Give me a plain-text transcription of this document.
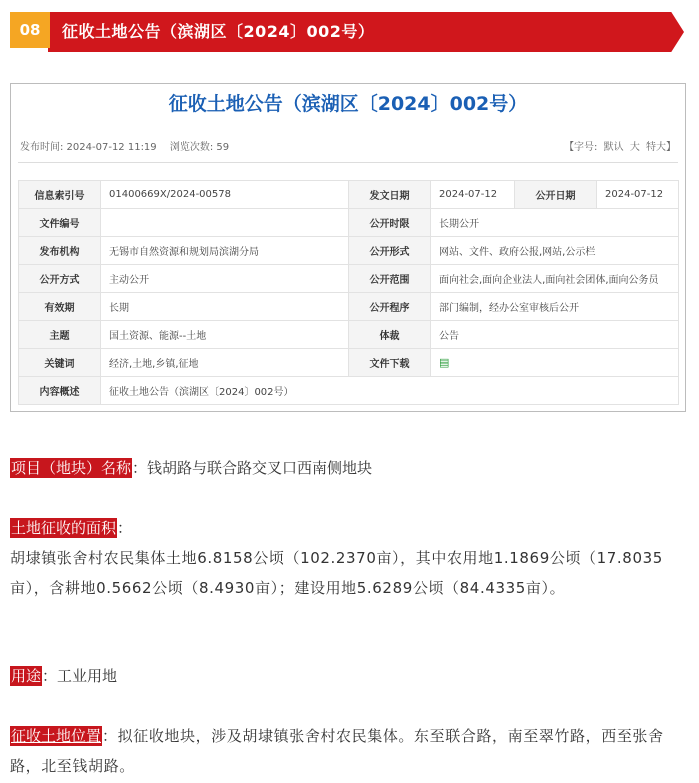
08	征收土地公告（滨湖区〔2024〕002号）
征收土地公告（滨湖区〔2024〕002号）
发布时间: 2024-07-12 11:19 浏览次数: 59	【字号: 默认 大 特大】
信息索引号	01400669X/2024-00578	发文日期	2024-07-12	公开日期	2024-07-12
文件编号		公开时限	长期公开		
发布机构	无锡市自然资源和规划局滨湖分局	公开形式	网站、文件、政府公报,网站,公示栏		
公开方式	主动公开	公开范围	面向社会,面向企业法人,面向社会团体,面向公务员		
有效期	长期	公开程序	部门编制，经办公室审核后公开		
主题	国土资源、能源--土地	体裁	公告		
关键词	经济,土地,乡镇,征地	文件下载	▤		
内容概述	征收土地公告（滨湖区〔2024〕002号）				
项目（地块）名称：钱胡路与联合路交叉口西南侧地块
土地征收的面积：
胡埭镇张舍村农民集体土地6.8158公顷（102.2370亩），其中农用地1.1869公顷（17.8035亩），含耕地0.5662公顷（8.4930亩）；建设用地5.6289公顷（84.4335亩）。
用途：工业用地
征收土地位置：拟征收地块，涉及胡埭镇张舍村农民集体。东至联合路，南至翠竹路，西至张舍路，北至钱胡路。
